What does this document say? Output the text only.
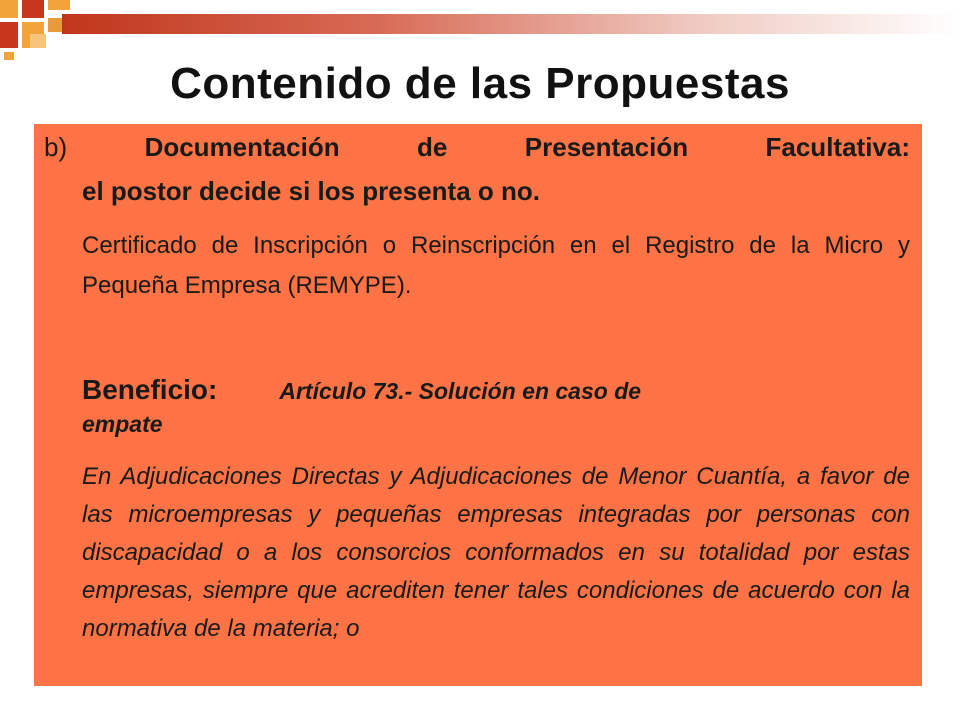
Contenido de las Propuestas
b)	Documentación de Presentación Facultativa:
el postor decide si los presenta o no.
Certificado de Inscripción o Reinscripción en el Registro de la Micro y Pequeña Empresa (REMYPE).
Beneficio:	Artículo 73.- Solución en caso de
empate
En Adjudicaciones Directas y Adjudicaciones de Menor Cuantía, a favor de las microempresas y pequeñas empresas integradas por personas con discapacidad o a los consorcios conformados en su totalidad por estas empresas, siempre que acrediten tener tales condiciones de acuerdo con la normativa de la materia; o
